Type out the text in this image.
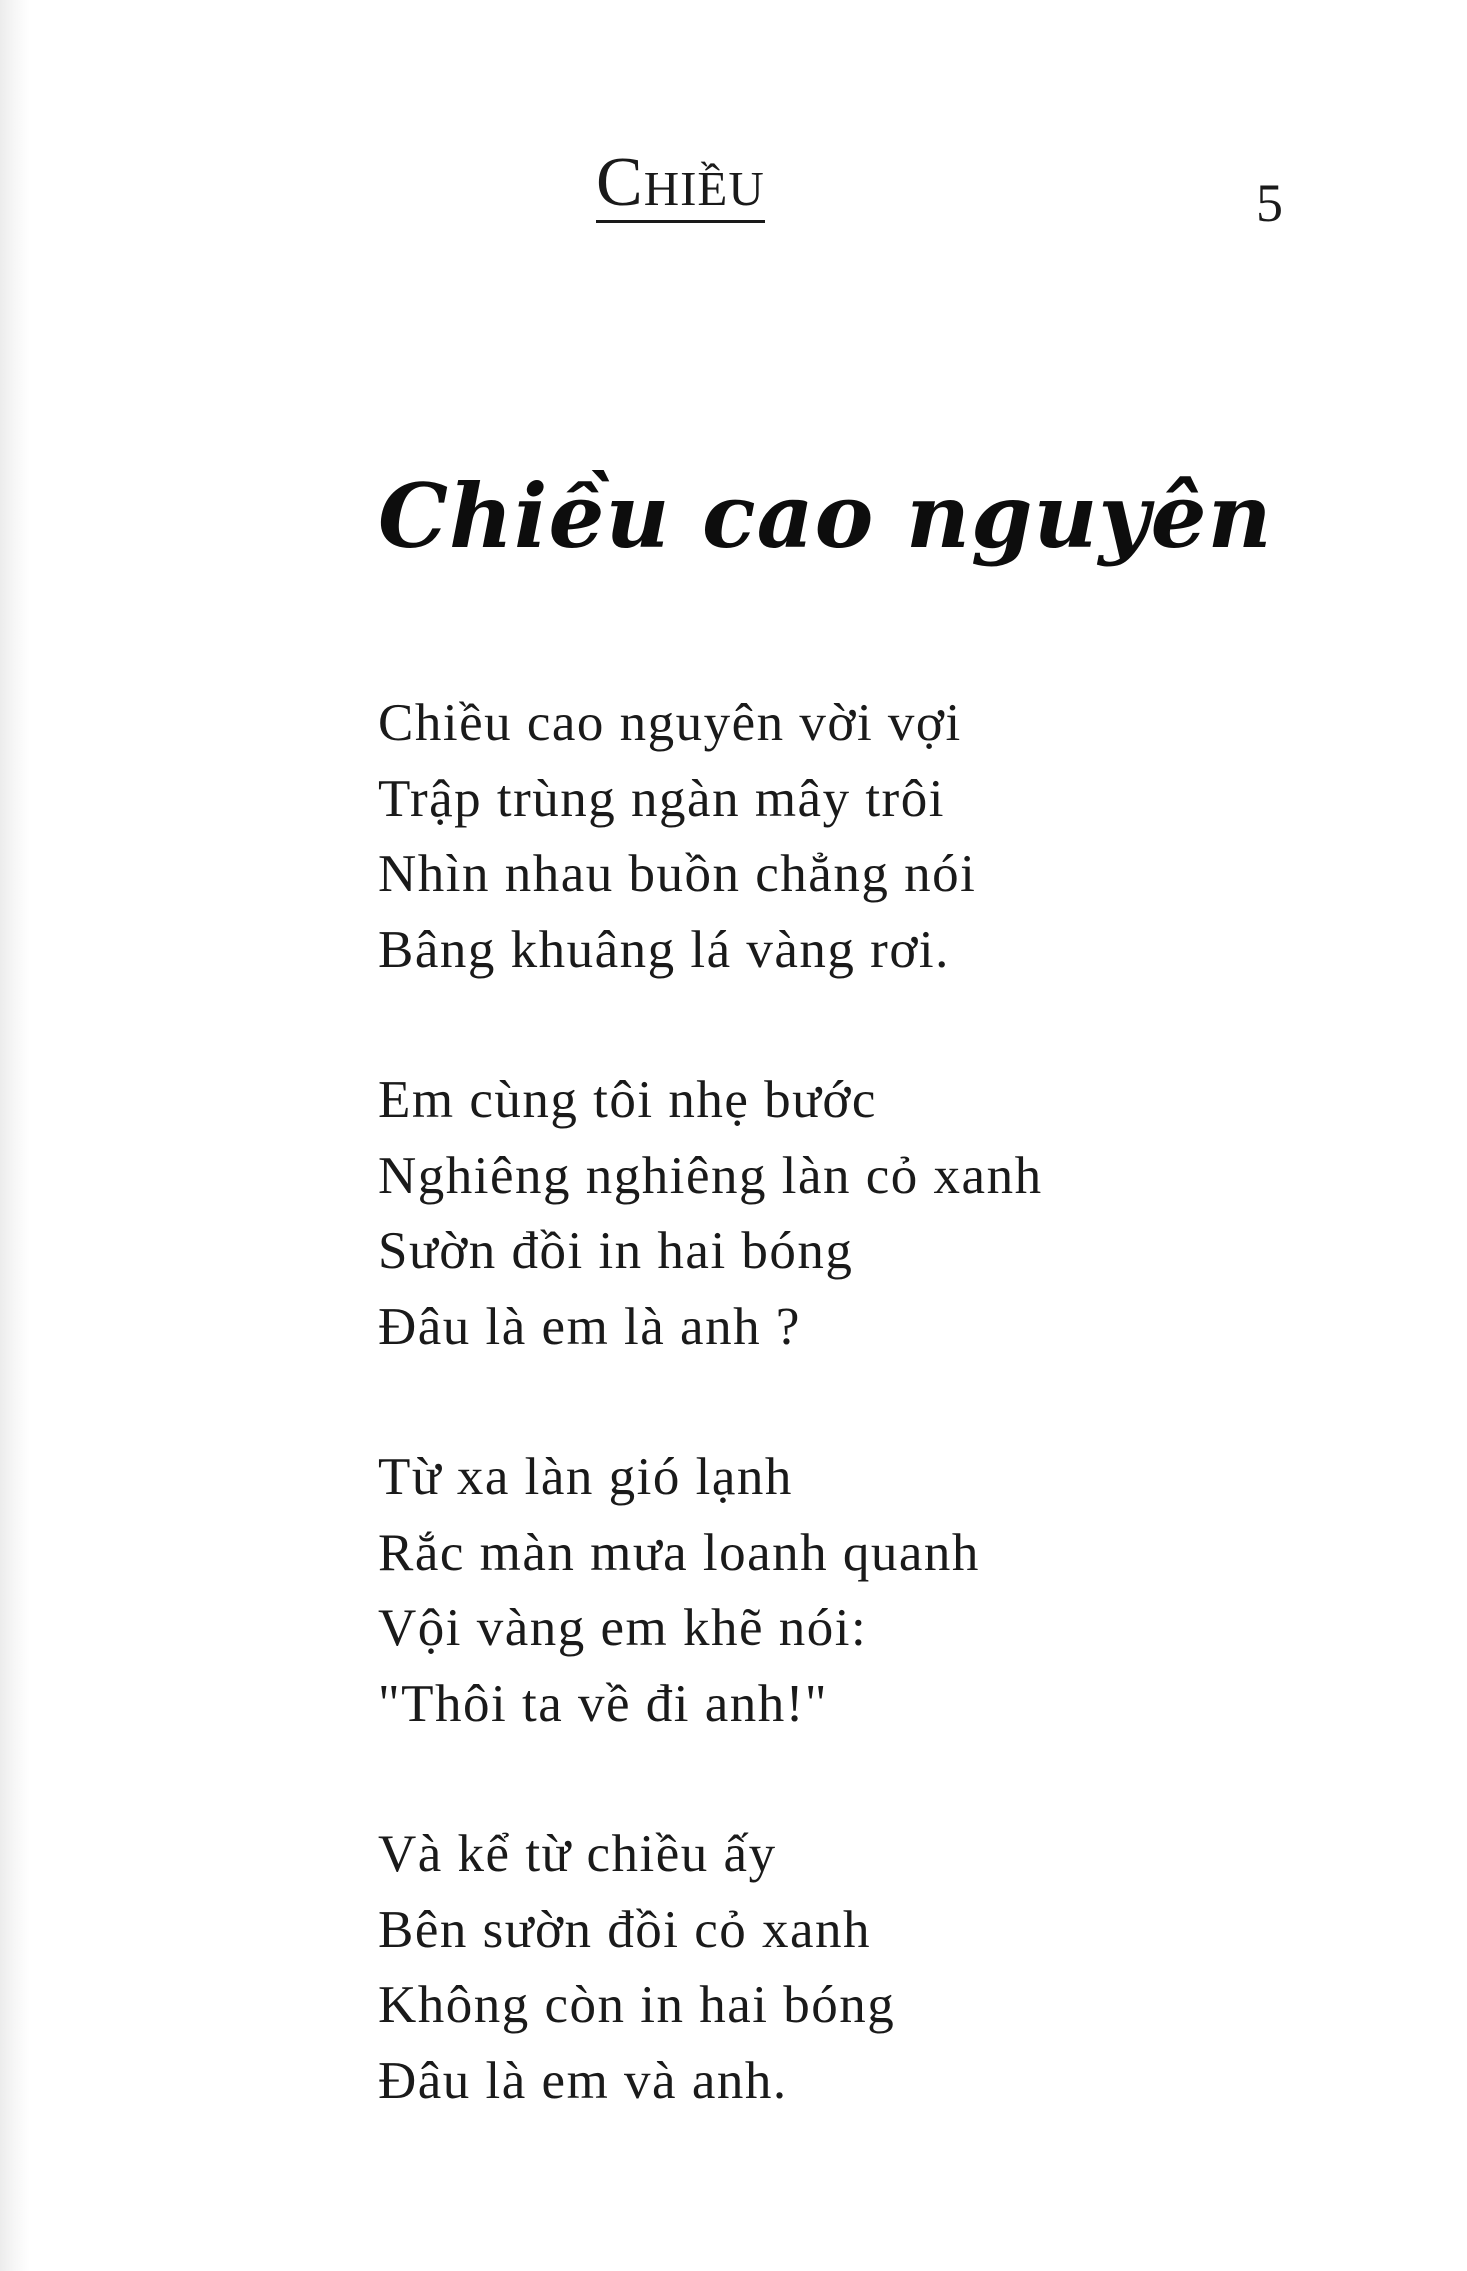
Chiều	5
Chiều cao nguyên
Chiều cao nguyên vời vợi
Trập trùng ngàn mây trôi
Nhìn nhau buồn chẳng nói
Bâng khuâng lá vàng rơi.
Em cùng tôi nhẹ bước
Nghiêng nghiêng làn cỏ xanh
Sườn đồi in hai bóng
Đâu là em là anh ?
Từ xa làn gió lạnh
Rắc màn mưa loanh quanh
Vội vàng em khẽ nói:
"Thôi ta về đi anh!"
Và kể từ chiều ấy
Bên sườn đồi cỏ xanh
Không còn in hai bóng
Đâu là em và anh.
